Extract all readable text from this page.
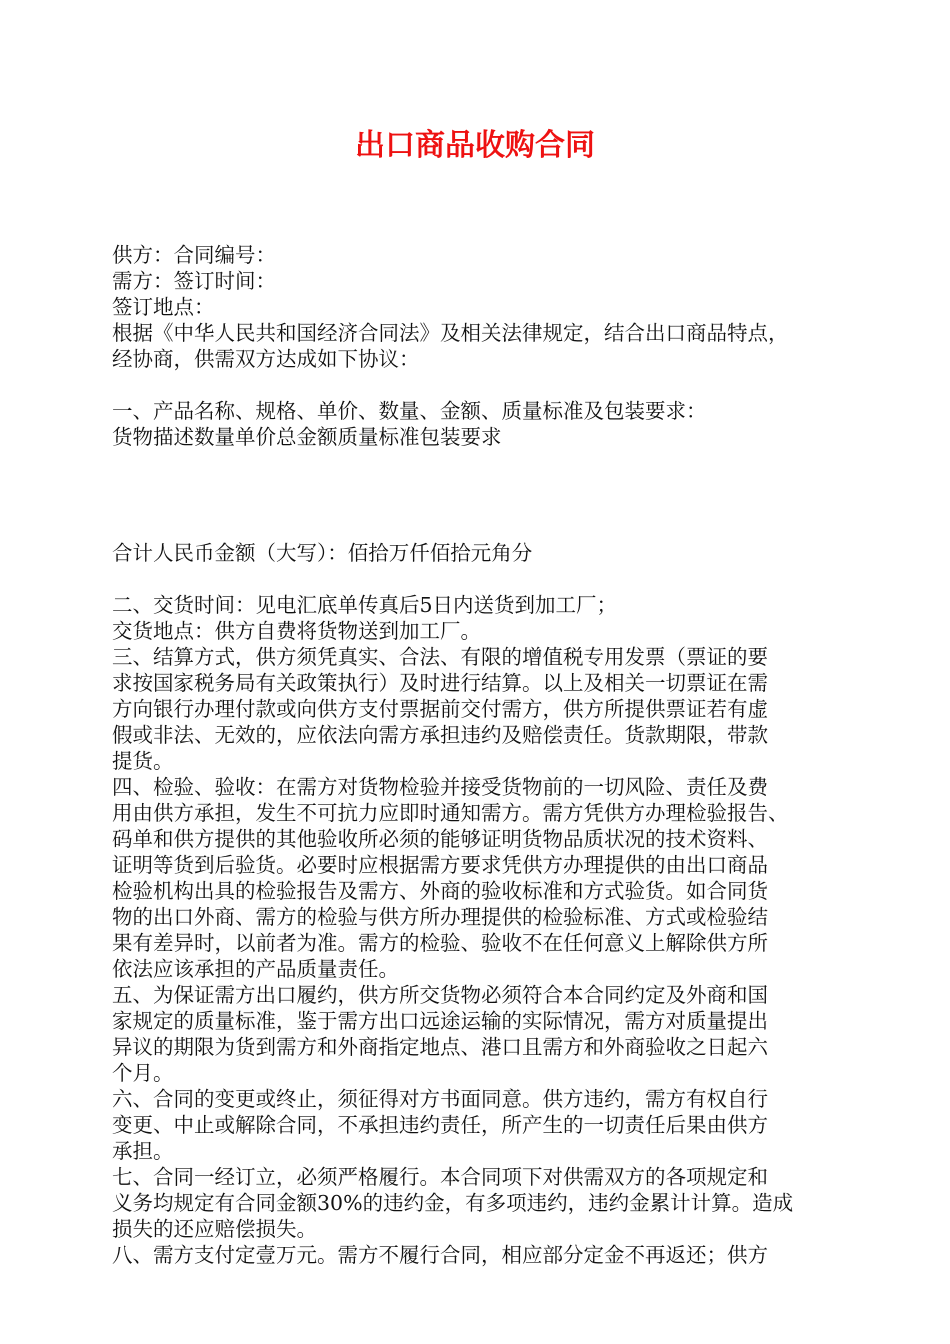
出口商品收购合同
供方：合同编号：
需方：签订时间：
签订地点：
根据《中华人民共和国经济合同法》及相关法律规定，结合出口商品特点，
经协商，供需双方达成如下协议：
一、产品名称、规格、单价、数量、金额、质量标准及包装要求：
货物描述数量单价总金额质量标准包装要求
合计人民币金额（大写）：佰拾万仟佰拾元角分
二、交货时间：见电汇底单传真后5日内送货到加工厂；
交货地点：供方自费将货物送到加工厂。
三、结算方式，供方须凭真实、合法、有限的增值税专用发票（票证的要
求按国家税务局有关政策执行）及时进行结算。以上及相关一切票证在需
方向银行办理付款或向供方支付票据前交付需方，供方所提供票证若有虚
假或非法、无效的，应依法向需方承担违约及赔偿责任。货款期限，带款
提货。
四、检验、验收：在需方对货物检验并接受货物前的一切风险、责任及费
用由供方承担，发生不可抗力应即时通知需方。需方凭供方办理检验报告、
码单和供方提供的其他验收所必须的能够证明货物品质状况的技术资料、
证明等货到后验货。必要时应根据需方要求凭供方办理提供的由出口商品
检验机构出具的检验报告及需方、外商的验收标准和方式验货。如合同货
物的出口外商、需方的检验与供方所办理提供的检验标准、方式或检验结
果有差异时，以前者为准。需方的检验、验收不在任何意义上解除供方所
依法应该承担的产品质量责任。
五、为保证需方出口履约，供方所交货物必须符合本合同约定及外商和国
家规定的质量标准，鉴于需方出口远途运输的实际情况，需方对质量提出
异议的期限为货到需方和外商指定地点、港口且需方和外商验收之日起六
个月。
六、合同的变更或终止，须征得对方书面同意。供方违约，需方有权自行
变更、中止或解除合同，不承担违约责任，所产生的一切责任后果由供方
承担。
七、合同一经订立，必须严格履行。本合同项下对供需双方的各项规定和
义务均规定有合同金额30%的违约金，有多项违约，违约金累计计算。造成
损失的还应赔偿损失。
八、需方支付定壹万元。需方不履行合同，相应部分定金不再返还；供方
